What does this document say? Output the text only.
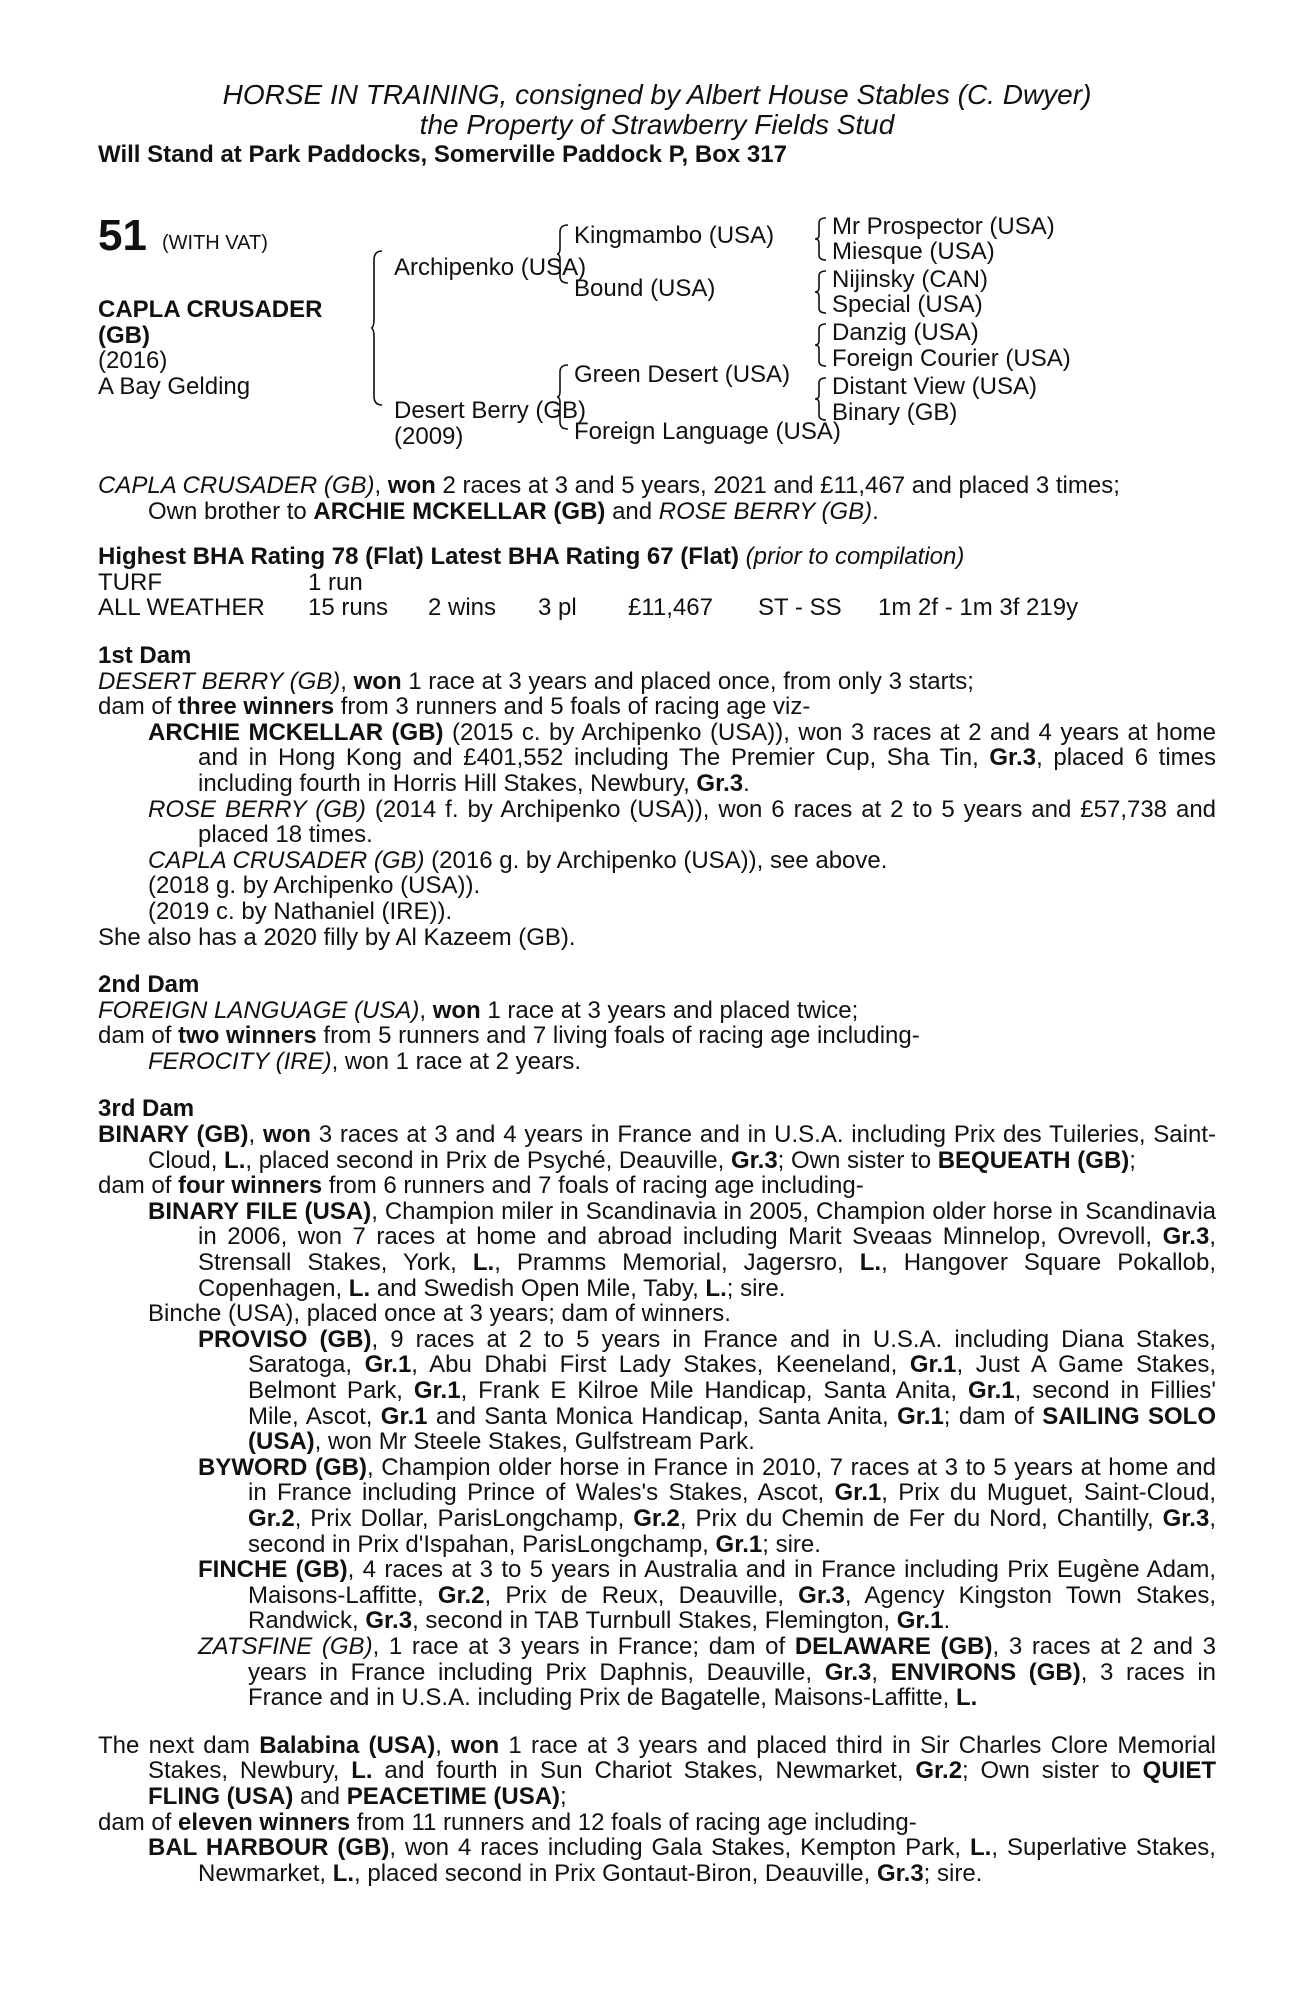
HORSE IN TRAINING, consigned by Albert House Stables (C. Dwyer)
the Property of Strawberry Fields Stud
Will Stand at Park Paddocks, Somerville Paddock P, Box 317
51 (WITH VAT)
CAPLA CRUSADER
(GB)
(2016)
A Bay Gelding
Archipenko (USA)
Desert Berry (GB)
(2009)
Kingmambo (USA)
Bound (USA)
Green Desert (USA)
Foreign Language (USA)
Mr Prospector (USA)
Miesque (USA)
Nijinsky (CAN)
Special (USA)
Danzig (USA)
Foreign Courier (USA)
Distant View (USA)
Binary (GB)
CAPLA CRUSADER (GB), won 2 races at 3 and 5 years, 2021 and £11,467 and placed 3 times;
Own brother to ARCHIE MCKELLAR (GB) and ROSE BERRY (GB).
Highest BHA Rating 78 (Flat) Latest BHA Rating 67 (Flat) (prior to compilation)
TURF	1 run
ALL WEATHER	15 runs	2 wins	3 pl	£11,467	ST - SS	1m 2f - 1m 3f 219y
1st Dam
DESERT BERRY (GB), won 1 race at 3 years and placed once, from only 3 starts;
dam of three winners from 3 runners and 5 foals of racing age viz-
ARCHIE MCKELLAR (GB) (2015 c. by Archipenko (USA)), won 3 races at 2 and 4 years at home and in Hong Kong and £401,552 including The Premier Cup, Sha Tin, Gr.3, placed 6 times including fourth in Horris Hill Stakes, Newbury, Gr.3.
ROSE BERRY (GB) (2014 f. by Archipenko (USA)), won 6 races at 2 to 5 years and £57,738 and placed 18 times.
CAPLA CRUSADER (GB) (2016 g. by Archipenko (USA)), see above.
(2018 g. by Archipenko (USA)).
(2019 c. by Nathaniel (IRE)).
She also has a 2020 filly by Al Kazeem (GB).
2nd Dam
FOREIGN LANGUAGE (USA), won 1 race at 3 years and placed twice;
dam of two winners from 5 runners and 7 living foals of racing age including-
FEROCITY (IRE), won 1 race at 2 years.
3rd Dam
BINARY (GB), won 3 races at 3 and 4 years in France and in U.S.A. including Prix des Tuileries, Saint-Cloud, L., placed second in Prix de Psyché, Deauville, Gr.3; Own sister to BEQUEATH (GB);
dam of four winners from 6 runners and 7 foals of racing age including-
BINARY FILE (USA), Champion miler in Scandinavia in 2005, Champion older horse in Scandinavia in 2006, won 7 races at home and abroad including Marit Sveaas Minnelop, Ovrevoll, Gr.3, Strensall Stakes, York, L., Pramms Memorial, Jagersro, L., Hangover Square Pokallob, Copenhagen, L. and Swedish Open Mile, Taby, L.; sire.
Binche (USA), placed once at 3 years; dam of winners.
PROVISO (GB), 9 races at 2 to 5 years in France and in U.S.A. including Diana Stakes, Saratoga, Gr.1, Abu Dhabi First Lady Stakes, Keeneland, Gr.1, Just A Game Stakes, Belmont Park, Gr.1, Frank E Kilroe Mile Handicap, Santa Anita, Gr.1, second in Fillies' Mile, Ascot, Gr.1 and Santa Monica Handicap, Santa Anita, Gr.1; dam of SAILING SOLO (USA), won Mr Steele Stakes, Gulfstream Park.
BYWORD (GB), Champion older horse in France in 2010, 7 races at 3 to 5 years at home and in France including Prince of Wales's Stakes, Ascot, Gr.1, Prix du Muguet, Saint-Cloud, Gr.2, Prix Dollar, ParisLongchamp, Gr.2, Prix du Chemin de Fer du Nord, Chantilly, Gr.3, second in Prix d'Ispahan, ParisLongchamp, Gr.1; sire.
FINCHE (GB), 4 races at 3 to 5 years in Australia and in France including Prix Eugène Adam, Maisons-Laffitte, Gr.2, Prix de Reux, Deauville, Gr.3, Agency Kingston Town Stakes, Randwick, Gr.3, second in TAB Turnbull Stakes, Flemington, Gr.1.
ZATSFINE (GB), 1 race at 3 years in France; dam of DELAWARE (GB), 3 races at 2 and 3 years in France including Prix Daphnis, Deauville, Gr.3, ENVIRONS (GB), 3 races in France and in U.S.A. including Prix de Bagatelle, Maisons-Laffitte, L.
The next dam Balabina (USA), won 1 race at 3 years and placed third in Sir Charles Clore Memorial Stakes, Newbury, L. and fourth in Sun Chariot Stakes, Newmarket, Gr.2; Own sister to QUIET FLING (USA) and PEACETIME (USA);
dam of eleven winners from 11 runners and 12 foals of racing age including-
BAL HARBOUR (GB), won 4 races including Gala Stakes, Kempton Park, L., Superlative Stakes, Newmarket, L., placed second in Prix Gontaut-Biron, Deauville, Gr.3; sire.
